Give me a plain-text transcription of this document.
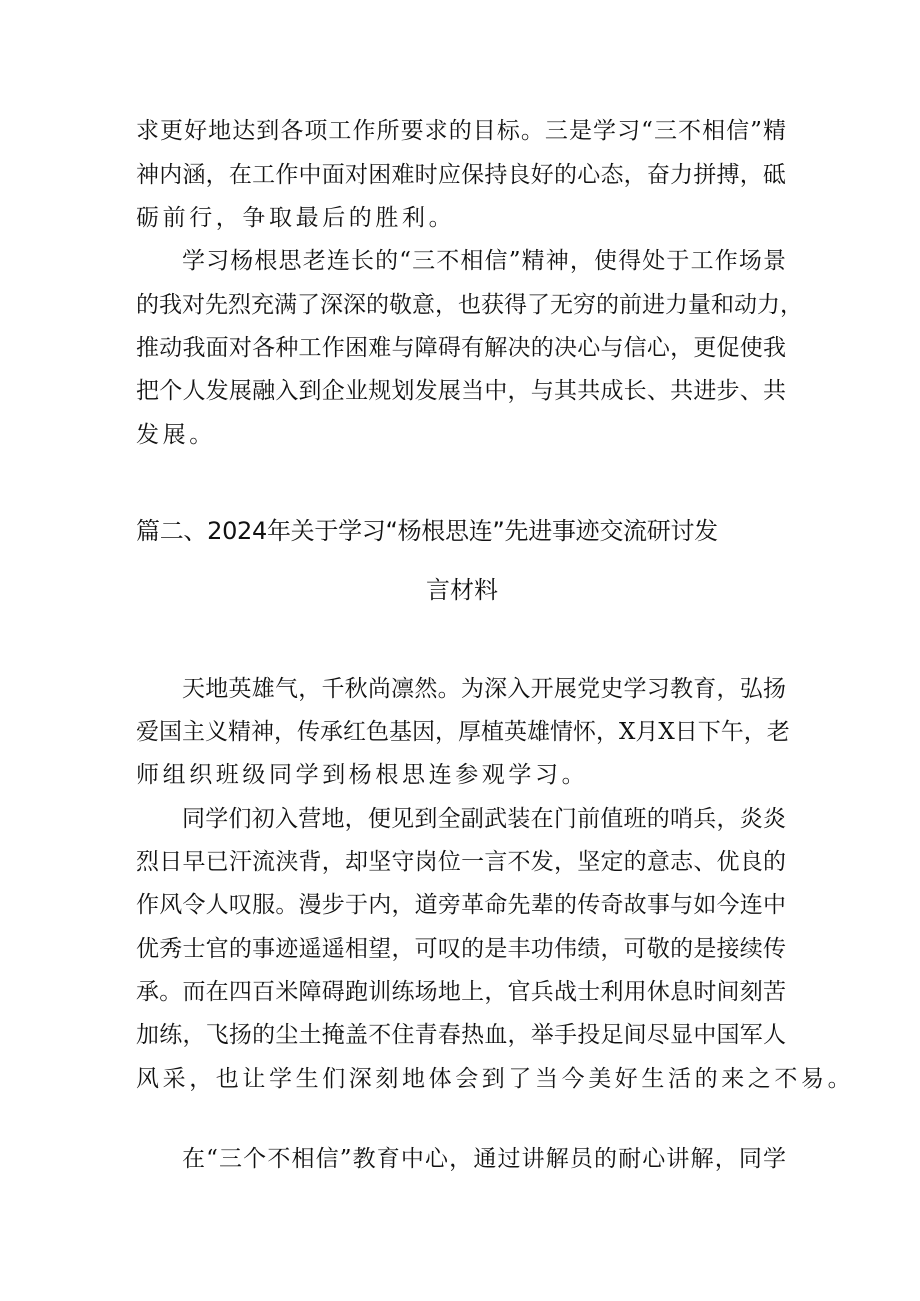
求更好地达到各项工作所要求的目标。三是学习“三不相信”精
神内涵，在工作中面对困难时应保持良好的心态，奋力拼搏，砥
砺前行，争取最后的胜利。
学习杨根思老连长的“三不相信”精神，使得处于工作场景
的我对先烈充满了深深的敬意，也获得了无穷的前进力量和动力，
推动我面对各种工作困难与障碍有解决的决心与信心，更促使我
把个人发展融入到企业规划发展当中，与其共成长、共进步、共
发展。
篇二、2024年关于学习“杨根思连”先进事迹交流研讨发
言材料
天地英雄气，千秋尚凛然。为深入开展党史学习教育，弘扬
爱国主义精神，传承红色基因，厚植英雄情怀，X月X日下午，老
师组织班级同学到杨根思连参观学习。
同学们初入营地，便见到全副武装在门前值班的哨兵，炎炎
烈日早已汗流浃背，却坚守岗位一言不发，坚定的意志、优良的
作风令人叹服。漫步于内，道旁革命先辈的传奇故事与如今连中
优秀士官的事迹遥遥相望，可叹的是丰功伟绩，可敬的是接续传
承。而在四百米障碍跑训练场地上，官兵战士利用休息时间刻苦
加练，飞扬的尘土掩盖不住青春热血，举手投足间尽显中国军人
风采，也让学生们深刻地体会到了当今美好生活的来之不易。
在“三个不相信”教育中心，通过讲解员的耐心讲解，同学
